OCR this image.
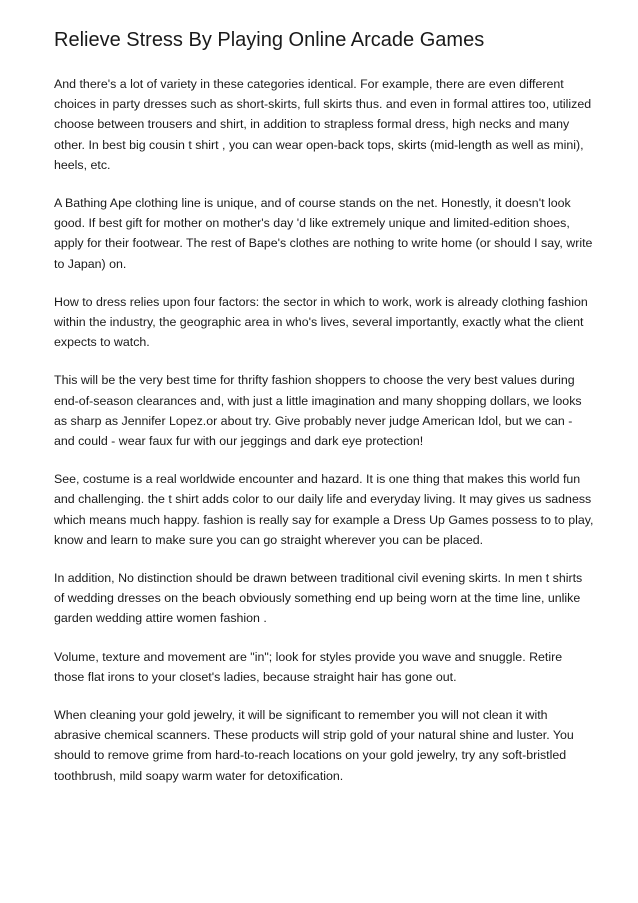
Relieve Stress By Playing Online Arcade Games

And there's a lot of variety in these categories identical. For example, there are even different choices in party dresses such as short-skirts, full skirts thus. and even in formal attires too, utilized choose between trousers and shirt, in addition to strapless formal dress, high necks and many other. In best big cousin t shirt , you can wear open-back tops, skirts (mid-length as well as mini), heels, etc.

A Bathing Ape clothing line is unique, and of course stands on the net. Honestly, it doesn't look good. If best gift for mother on mother's day 'd like extremely unique and limited-edition shoes, apply for their footwear. The rest of Bape's clothes are nothing to write home (or should I say, write to Japan) on.

How to dress relies upon four factors: the sector in which to work, work is already clothing fashion within the industry, the geographic area in who's lives, several importantly, exactly what the client expects to watch.

This will be the very best time for thrifty fashion shoppers to choose the very best values during end-of-season clearances and, with just a little imagination and many shopping dollars, we looks as sharp as Jennifer Lopez.or about try. Give probably never judge American Idol, but we can - and could - wear faux fur with our jeggings and dark eye protection!

See, costume is a real worldwide encounter and hazard. It is one thing that makes this world fun and challenging. the t shirt adds color to our daily life and everyday living. It may gives us sadness which means much happy. fashion is really say for example a Dress Up Games possess to to play, know and learn to make sure you can go straight wherever you can be placed.

In addition, No distinction should be drawn between traditional civil evening skirts. In men t shirts of wedding dresses on the beach obviously something end up being worn at the time line, unlike garden wedding attire women fashion .

Volume, texture and movement are "in"; look for styles provide you wave and snuggle. Retire those flat irons to your closet's ladies, because straight hair has gone out.

When cleaning your gold jewelry, it will be significant to remember you will not clean it with abrasive chemical scanners. These products will strip gold of your natural shine and luster. You should to remove grime from hard-to-reach locations on your gold jewelry, try any soft-bristled toothbrush, mild soapy warm water for detoxification.
